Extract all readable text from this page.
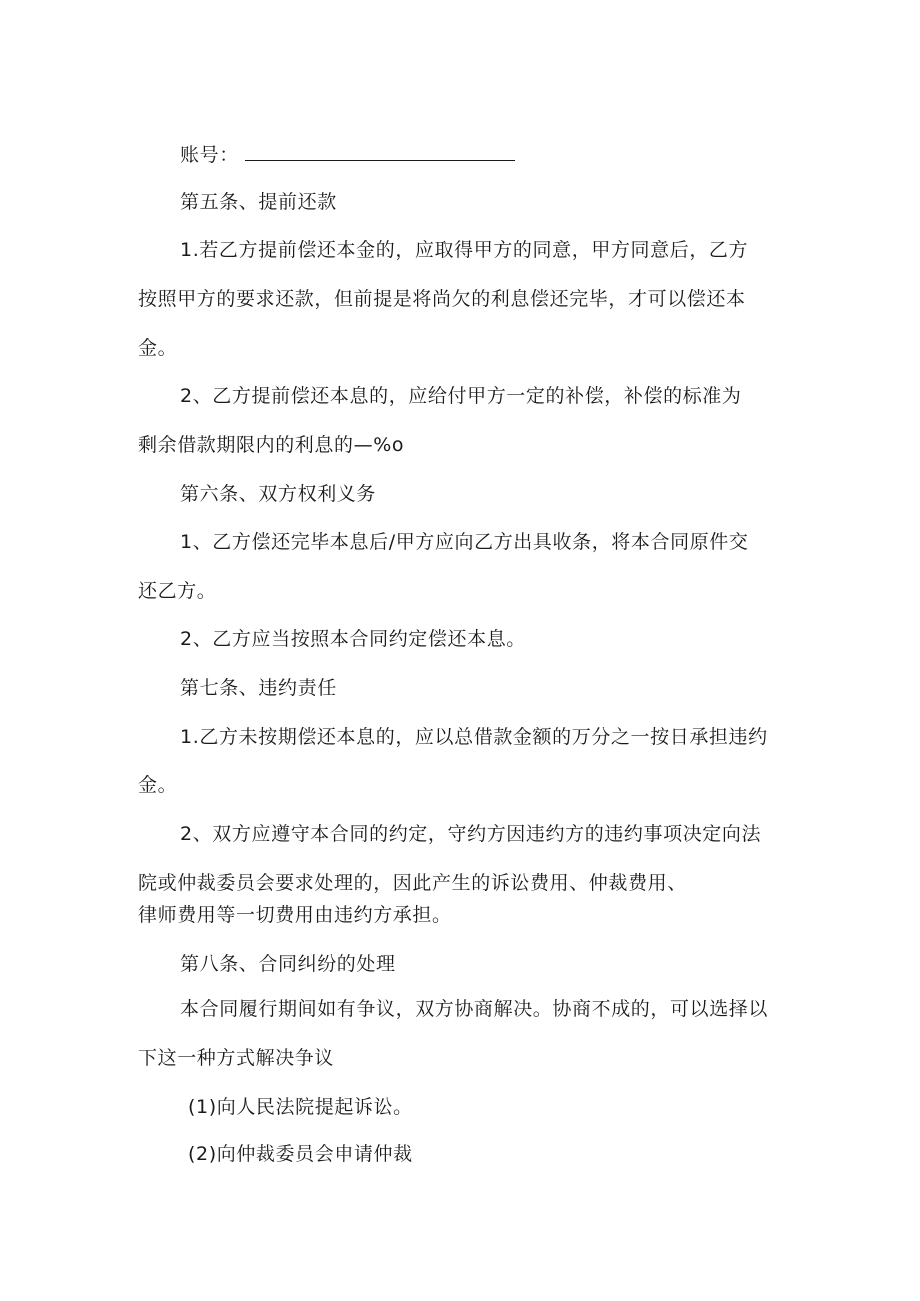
账号：
第五条、提前还款
1.若乙方提前偿还本金的，应取得甲方的同意，甲方同意后，乙方
按照甲方的要求还款，但前提是将尚欠的利息偿还完毕，才可以偿还本
金。
2、乙方提前偿还本息的，应给付甲方一定的补偿，补偿的标准为
剩余借款期限内的利息的—%o
第六条、双方权利义务
1、乙方偿还完毕本息后/甲方应向乙方出具收条，将本合同原件交
还乙方。
2、乙方应当按照本合同约定偿还本息。
第七条、违约责任
1.乙方未按期偿还本息的，应以总借款金额的万分之一按日承担违约
金。
2、双方应遵守本合同的约定，守约方因违约方的违约事项决定向法
院或仲裁委员会要求处理的，因此产生的诉讼费用、仲裁费用、
律师费用等一切费用由违约方承担。
第八条、合同纠纷的处理
本合同履行期间如有争议，双方协商解决。协商不成的，可以选择以
下这一种方式解决争议
(1)向人民法院提起诉讼。
(2)向仲裁委员会申请仲裁
